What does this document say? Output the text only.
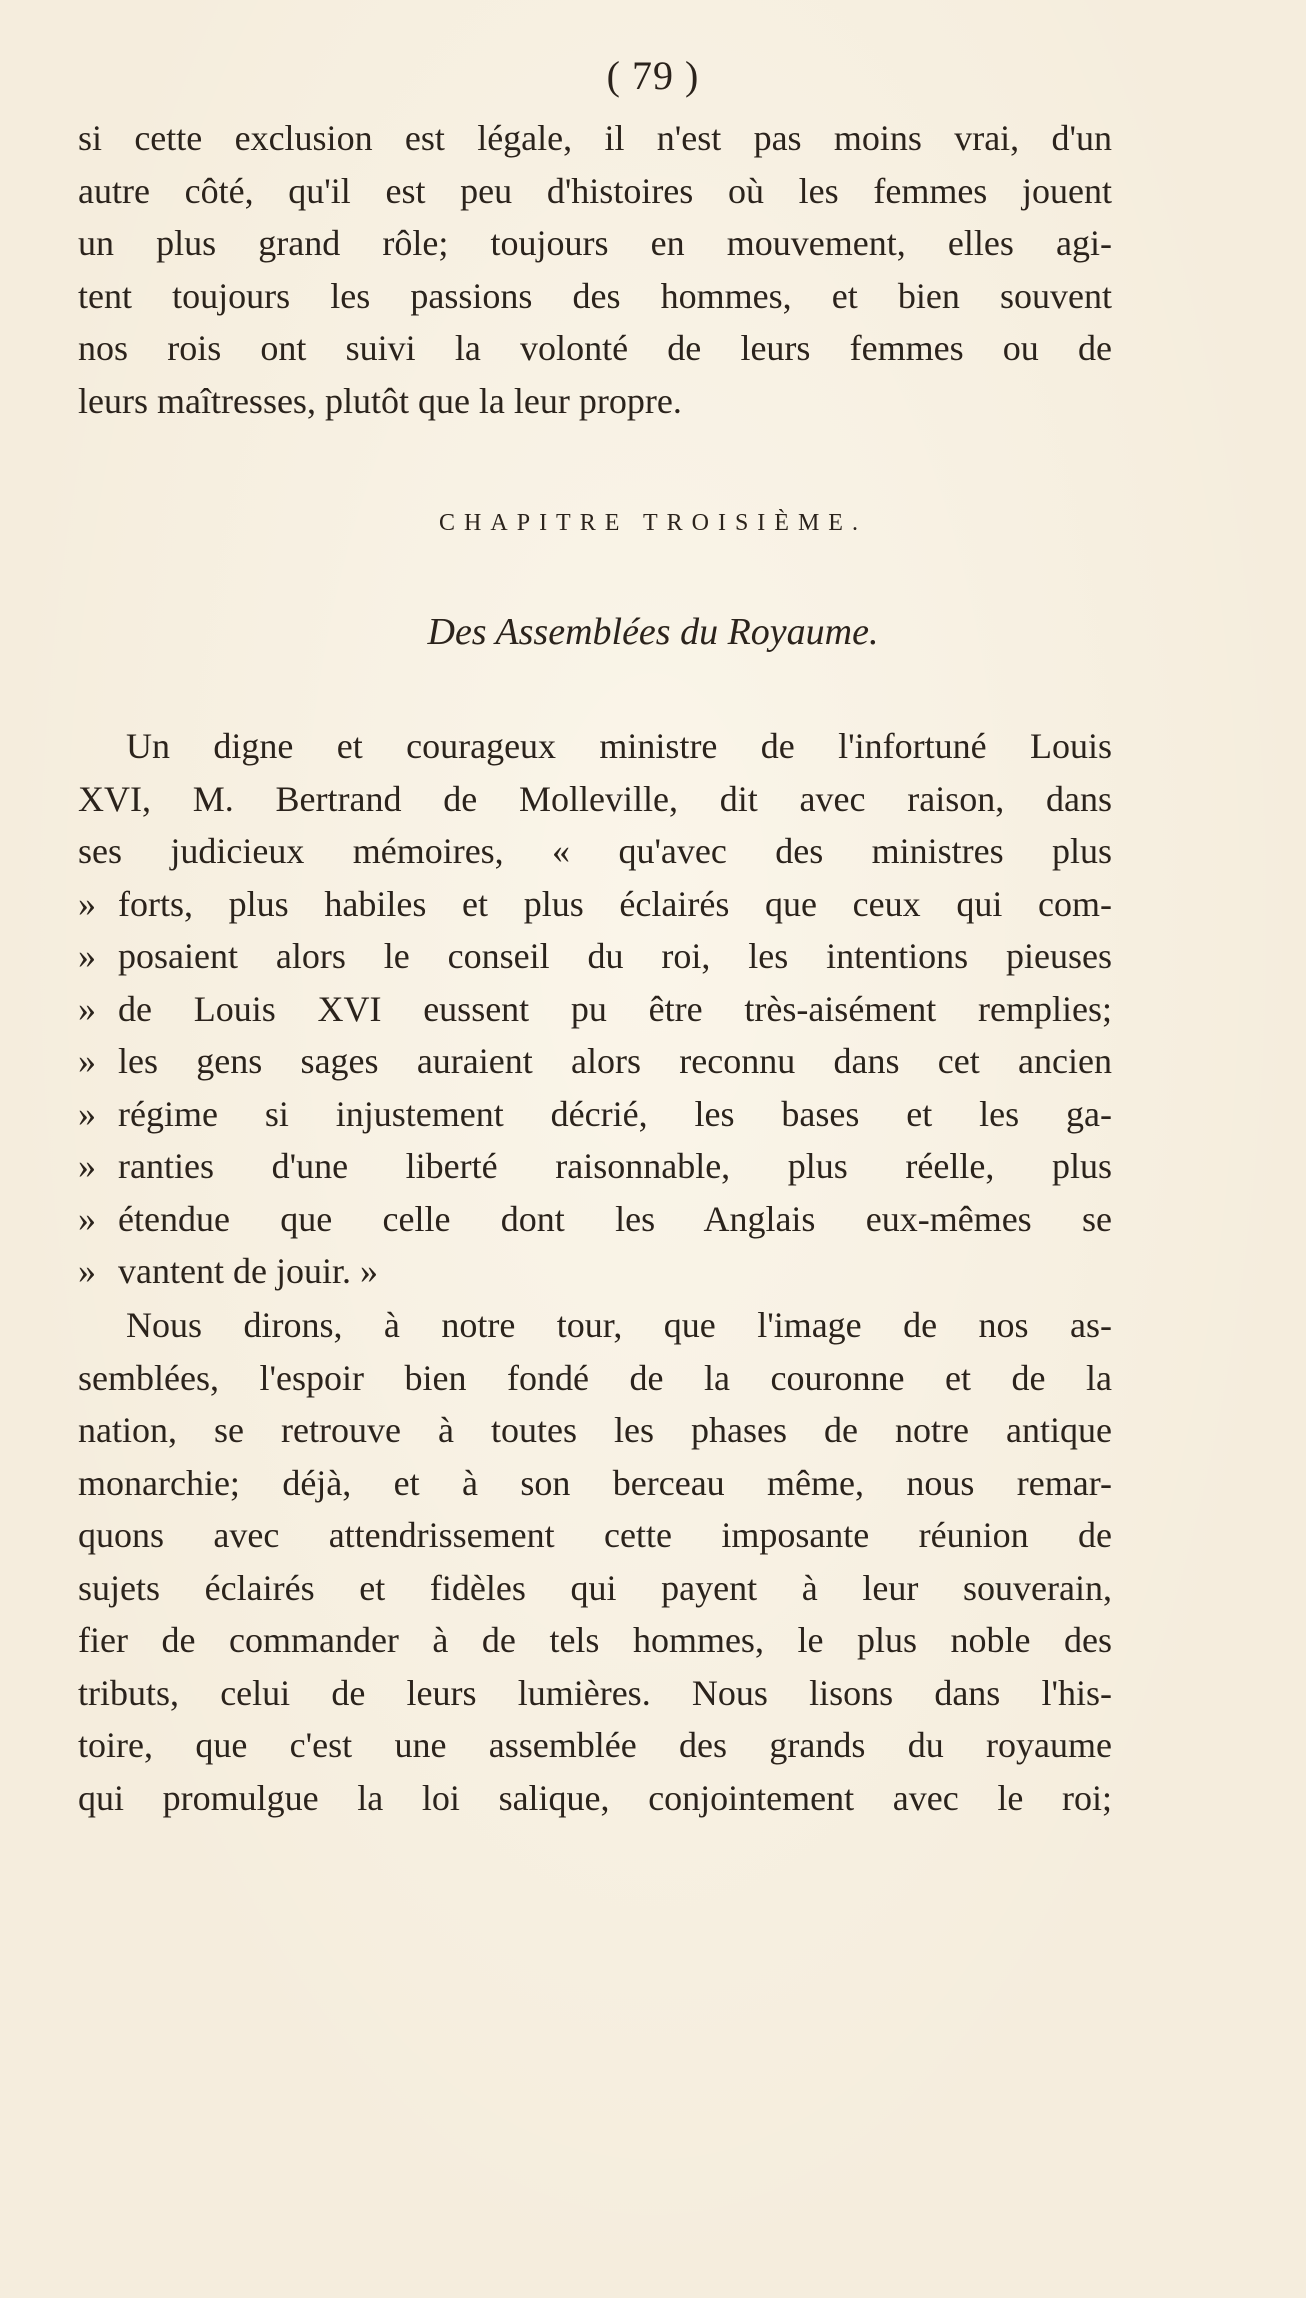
( 79 )
si cette exclusion est légale, il n'est pas moins vrai, d'un
autre côté, qu'il est peu d'histoires où les femmes jouent
un plus grand rôle; toujours en mouvement, elles agi-
tent toujours les passions des hommes, et bien souvent
nos rois ont suivi la volonté de leurs femmes ou de
leurs maîtresses, plutôt que la leur propre.
CHAPITRE TROISIÈME.
Des Assemblées du Royaume.
Un digne et courageux ministre de l'infortuné Louis
XVI, M. Bertrand de Molleville, dit avec raison, dans
ses judicieux mémoires, « qu'avec des ministres plus
» forts, plus habiles et plus éclairés que ceux qui com-
» posaient alors le conseil du roi, les intentions pieuses
» de Louis XVI eussent pu être très-aisément remplies;
» les gens sages auraient alors reconnu dans cet ancien
» régime si injustement décrié, les bases et les ga-
» ranties d'une liberté raisonnable, plus réelle, plus
» étendue que celle dont les Anglais eux-mêmes se
» vantent de jouir. »
Nous dirons, à notre tour, que l'image de nos as-
semblées, l'espoir bien fondé de la couronne et de la
nation, se retrouve à toutes les phases de notre antique
monarchie; déjà, et à son berceau même, nous remar-
quons avec attendrissement cette imposante réunion de
sujets éclairés et fidèles qui payent à leur souverain,
fier de commander à de tels hommes, le plus noble des
tributs, celui de leurs lumières. Nous lisons dans l'his-
toire, que c'est une assemblée des grands du royaume
qui promulgue la loi salique, conjointement avec le roi;
